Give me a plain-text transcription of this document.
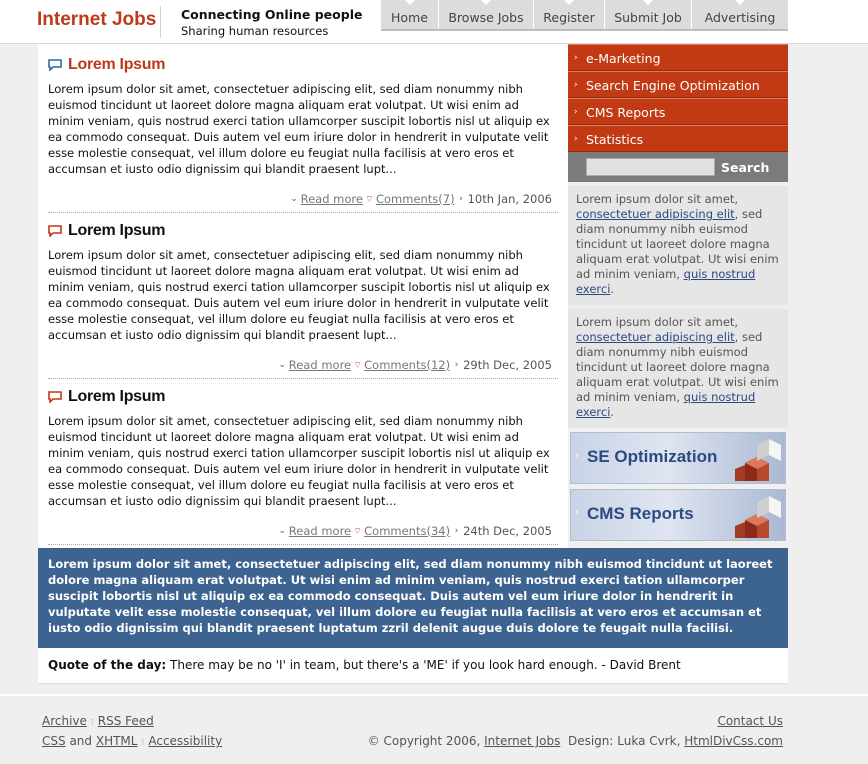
Internet Jobs Connecting Online people
Sharing human resources
Home	Browse Jobs	Register	Submit Job	Advertising
Lorem Ipsum

Lorem ipsum dolor sit amet, consectetuer adipiscing elit, sed diam nonummy nibh euismod tincidunt ut laoreet dolore magna aliquam erat volutpat. Ut wisi enim ad minim veniam, quis nostrud exerci tation ullamcorper suscipit lobortis nisl ut aliquip ex ea commodo consequat. Duis autem vel eum iriure dolor in hendrerit in vulputate velit esse molestie consequat, vel illum dolore eu feugiat nulla facilisis at vero eros et accumsan et iusto odio dignissim qui blandit praesent lupt...

⌄ Read more ⌔ Comments(7) › 10th Jan, 2006
Lorem Ipsum

Lorem ipsum dolor sit amet, consectetuer adipiscing elit, sed diam nonummy nibh euismod tincidunt ut laoreet dolore magna aliquam erat volutpat. Ut wisi enim ad minim veniam, quis nostrud exerci tation ullamcorper suscipit lobortis nisl ut aliquip ex ea commodo consequat. Duis autem vel eum iriure dolor in hendrerit in vulputate velit esse molestie consequat, vel illum dolore eu feugiat nulla facilisis at vero eros et accumsan et iusto odio dignissim qui blandit praesent lupt...

⌄ Read more ⌔ Comments(12) › 29th Dec, 2005
Lorem Ipsum

Lorem ipsum dolor sit amet, consectetuer adipiscing elit, sed diam nonummy nibh euismod tincidunt ut laoreet dolore magna aliquam erat volutpat. Ut wisi enim ad minim veniam, quis nostrud exerci tation ullamcorper suscipit lobortis nisl ut aliquip ex ea commodo consequat. Duis autem vel eum iriure dolor in hendrerit in vulputate velit esse molestie consequat, vel illum dolore eu feugiat nulla facilisis at vero eros et accumsan et iusto odio dignissim qui blandit praesent lupt...

⌄ Read more ⌔ Comments(34) › 24th Dec, 2005
› e-Marketing
› Search Engine Optimization
› CMS Reports
› Statistics
Search
Lorem ipsum dolor sit amet, consectetuer adipiscing elit, sed diam nonummy nibh euismod tincidunt ut laoreet dolore magna aliquam erat volutpat. Ut wisi enim ad minim veniam, quis nostrud exerci.
Lorem ipsum dolor sit amet, consectetuer adipiscing elit, sed diam nonummy nibh euismod tincidunt ut laoreet dolore magna aliquam erat volutpat. Ut wisi enim ad minim veniam, quis nostrud exerci.
› SE Optimization
› CMS Reports
Lorem ipsum dolor sit amet, consectetuer adipiscing elit, sed diam nonummy nibh euismod tincidunt ut laoreet dolore magna aliquam erat volutpat. Ut wisi enim ad minim veniam, quis nostrud exerci tation ullamcorper suscipit lobortis nisl ut aliquip ex ea commodo consequat. Duis autem vel eum iriure dolor in hendrerit in vulputate velit esse molestie consequat, vel illum dolore eu feugiat nulla facilisis at vero eros et accumsan et iusto odio dignissim qui blandit praesent luptatum zzril delenit augue duis dolore te feugait nulla facilisi.
Quote of the day: There may be no 'I' in team, but there's a 'ME' if you look hard enough. - David Brent
Archive ⁝ RSS Feed
CSS and XHTML ⁝ Accessibility
Contact Us
© Copyright 2006, Internet Jobs  Design: Luka Cvrk, HtmlDivCss.com
